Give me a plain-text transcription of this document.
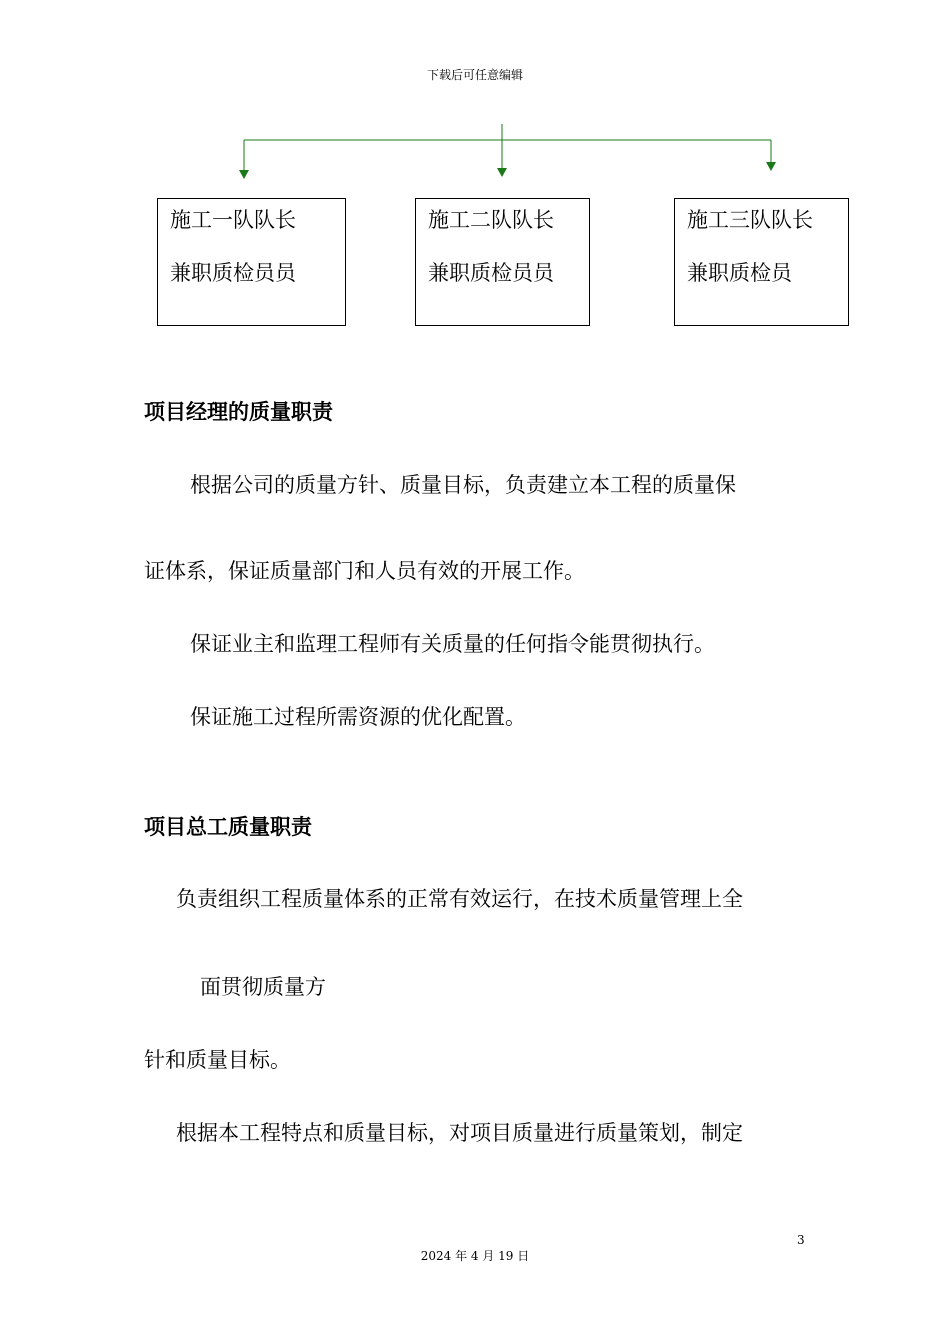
下载后可任意编辑
施工一队队长
兼职质检员员
施工二队队长
兼职质检员员
施工三队队长
兼职质检员
项目经理的质量职责
根据公司的质量方针、质量目标，负责建立本工程的质量保
证体系，保证质量部门和人员有效的开展工作。
保证业主和监理工程师有关质量的任何指令能贯彻执行。
保证施工过程所需资源的优化配置。
项目总工质量职责
负责组织工程质量体系的正常有效运行，在技术质量管理上全
面贯彻质量方
针和质量目标。
根据本工程特点和质量目标，对项目质量进行质量策划，制定
3
2024 年 4 月 19 日
